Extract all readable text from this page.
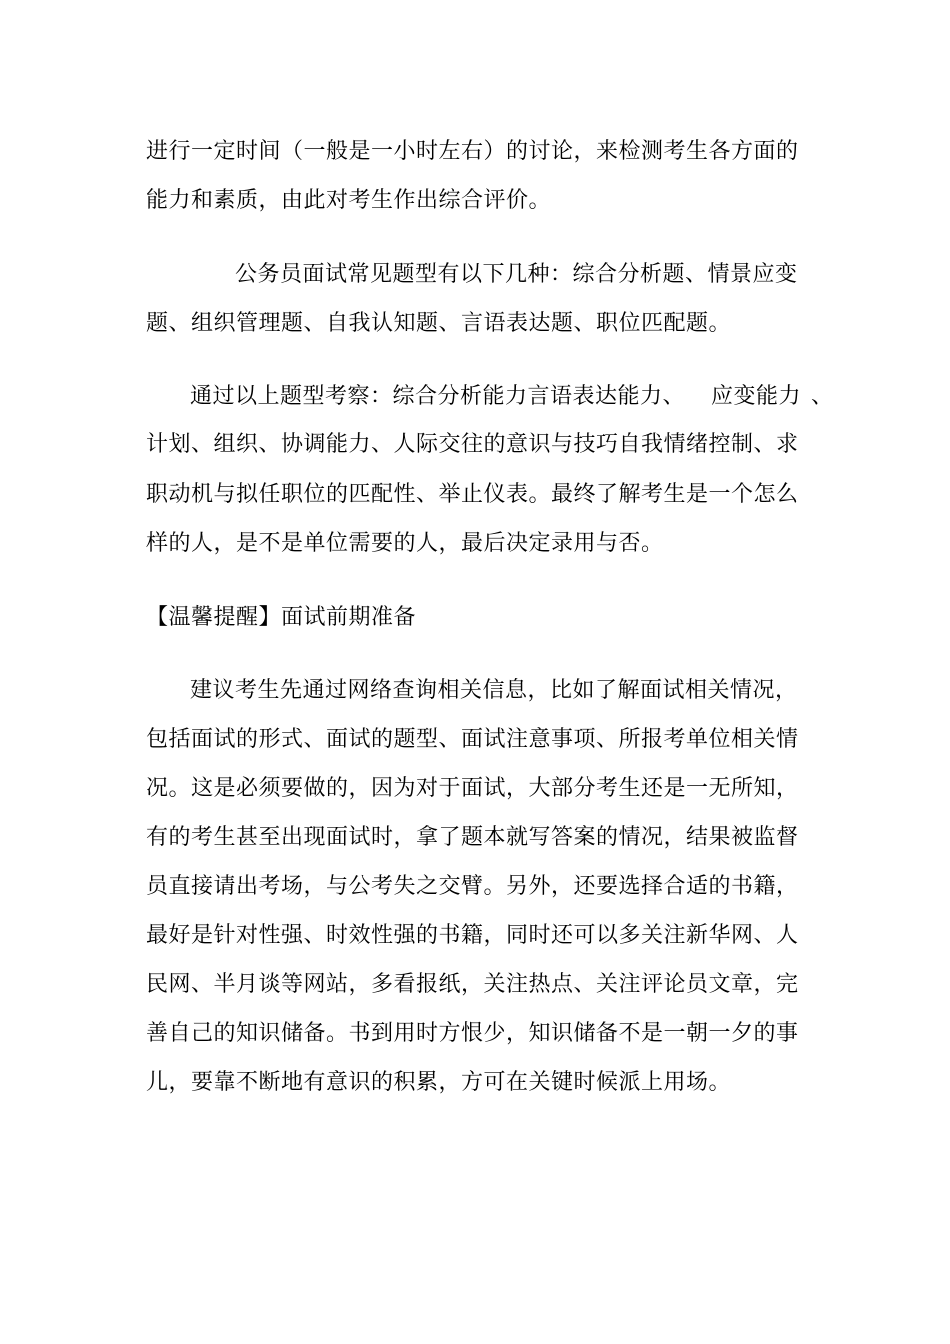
进行一定时间（一般是一小时左右）的讨论，来检测考生各方面的
能力和素质，由此对考生作出综合评价。
公务员面试常见题型有以下几种：综合分析题、情景应变
题、组织管理题、自我认知题、言语表达题、职位匹配题。
通过以上题型考察：综合分析能力言语表达能力、 应变能力 、
计划、组织、协调能力、人际交往的意识与技巧自我情绪控制、求
职动机与拟任职位的匹配性、举止仪表。最终了解考生是一个怎么
样的人，是不是单位需要的人，最后决定录用与否。
【温馨提醒】面试前期准备
建议考生先通过网络查询相关信息，比如了解面试相关情况，
包括面试的形式、面试的题型、面试注意事项、所报考单位相关情
况。这是必须要做的，因为对于面试，大部分考生还是一无所知，
有的考生甚至出现面试时，拿了题本就写答案的情况，结果被监督
员直接请出考场，与公考失之交臂。另外，还要选择合适的书籍，
最好是针对性强、时效性强的书籍，同时还可以多关注新华网、人
民网、半月谈等网站，多看报纸，关注热点、关注评论员文章，完
善自己的知识储备。书到用时方恨少，知识储备不是一朝一夕的事
儿，要靠不断地有意识的积累，方可在关键时候派上用场。
